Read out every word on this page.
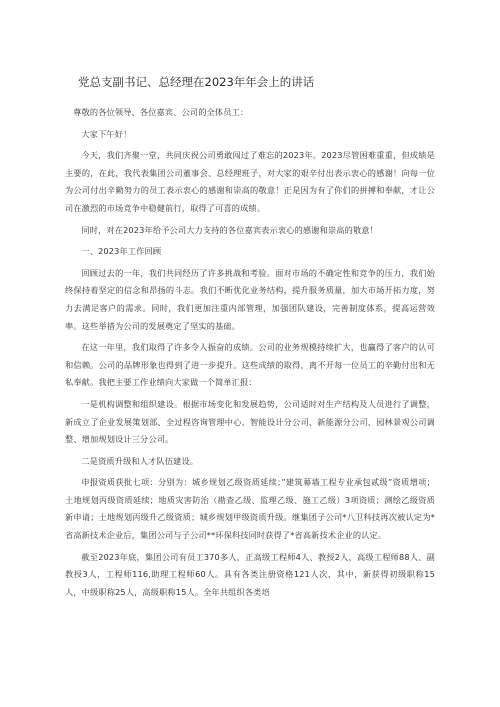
党总支副书记、总经理在2023年年会上的讲话

尊敬的各位领导、各位嘉宾、公司的全体员工：

大家下午好！

今天，我们齐聚一堂，共同庆祝公司勇敢闯过了难忘的2023年。2023尽管困难重重，但成绩是主要的，在此，我代表集团公司董事会、总经理班子，对大家的艰辛付出表示衷心的感谢！向每一位为公司付出辛勤努力的员工表示衷心的感谢和崇高的敬意！正是因为有了你们的拼搏和奉献，才让公司在激烈的市场竞争中稳健前行，取得了可喜的成绩。

同时，对在2023年给予公司大力支持的各位嘉宾表示衷心的感谢和崇高的敬意！

一、2023年工作回顾

回顾过去的一年，我们共同经历了许多挑战和考验。面对市场的不确定性和竞争的压力，我们始终保持着坚定的信念和昂扬的斗志。我们不断优化业务结构，提升服务质量，加大市场开拓力度，努力去满足客户的需求。同时，我们更加注重内部管理，加强团队建设，完善制度体系，提高运营效率。这些举措为公司的发展奠定了坚实的基础。

在这一年里，我们取得了许多令人振奋的成绩。公司的业务规模持续扩大，也赢得了客户的认可和信赖。公司的品牌形象也得到了进一步提升。这些成绩的取得，离不开每一位员工的辛勤付出和无私奉献。我把主要工作业绩向大家做一个简单汇报：

一是机构调整和组织建设。根据市场变化和发展趋势，公司适时对生产结构及人员进行了调整，新成立了企业发展策划部、全过程咨询管理中心、智能设计分公司、新能源分公司、园林景观公司调整、增加规划设计三分公司。

二是资质升级和人才队伍建设。

申报资质获批七项：分别为：城乡规划乙级资质延续；”建筑幕墙工程专业承包贰级”资质增项；土地规划丙级资质延续；地质灾害防治（勘查乙级、监理乙级、施工乙级）3项资质；测绘乙级资质新申请；土地规划丙级升乙级资质；城乡规划甲级资质升级。继集团子公司*八卫科技再次被认定为*省高新技术企业后，集团公司与子公司**环保科技同时获得了*省高新技术企业的认定。

截至2023年底，集团公司有员工370多人，正高级工程师4人、教授2人，高级工程师88人、副教授3人，工程师116,助理工程师60人。具有各类注册资格121人次，其中，新获得初级职称15人，中级职称25人，高级职称15人。全年共组织各类培
